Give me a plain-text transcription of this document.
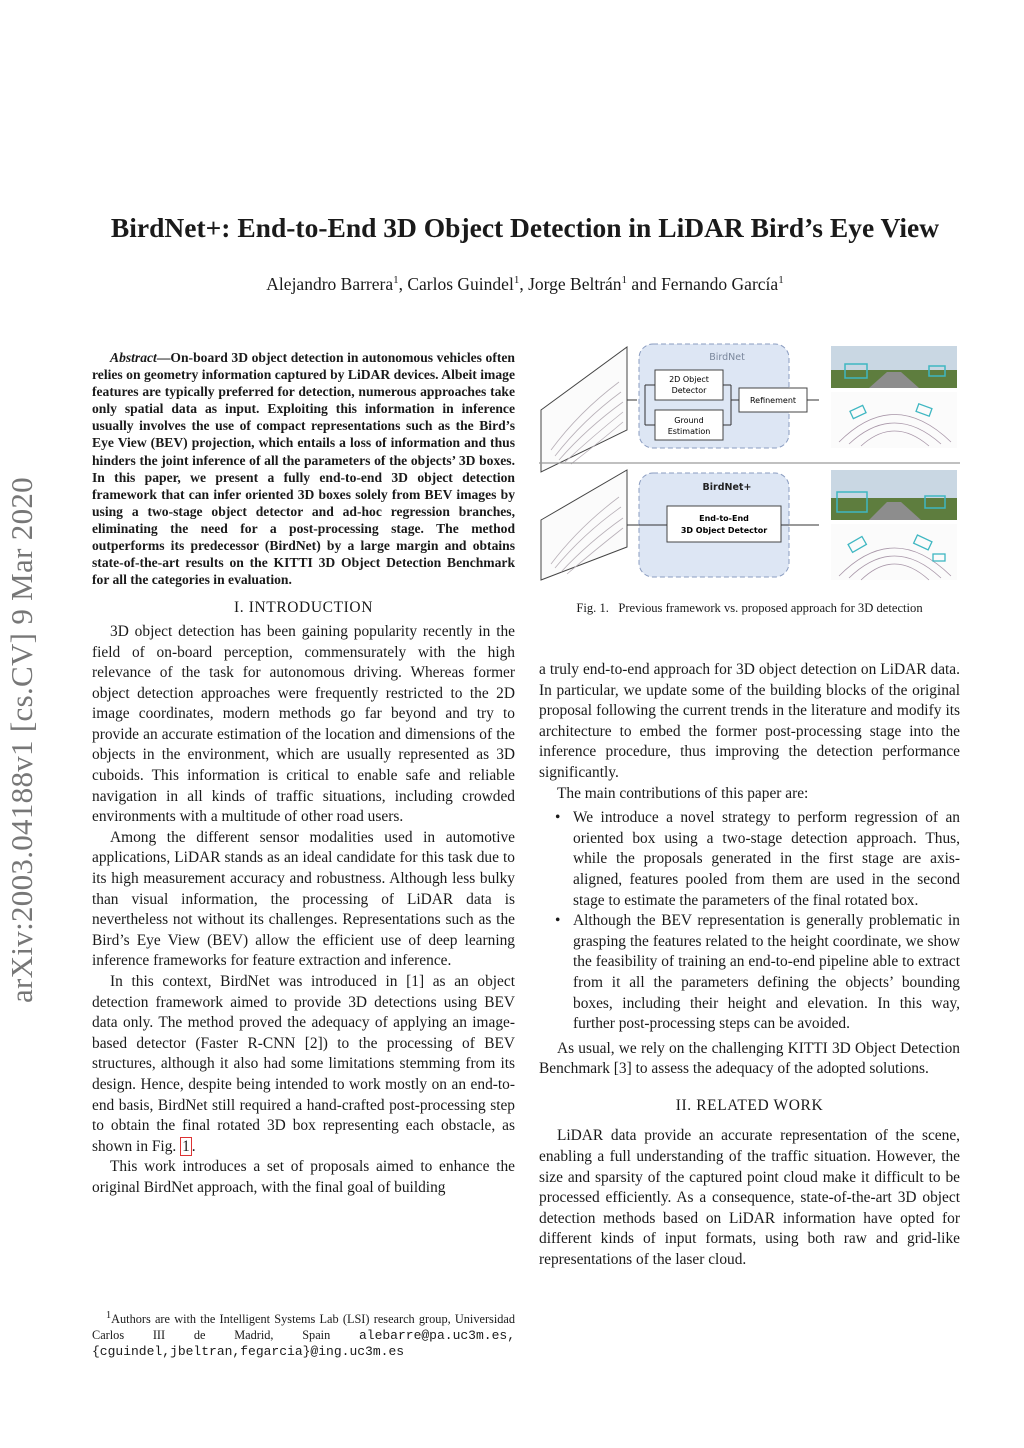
arXiv:2003.04188v1 [cs.CV] 9 Mar 2020
BirdNet+: End-to-End 3D Object Detection in LiDAR Bird’s Eye View
Alejandro Barrera$^1$, Carlos Guindel$^1$, Jorge Beltrán$^1$ and Fernando García$^1$
Abstract—On-board 3D object detection in autonomous vehicles often relies on geometry information captured by LiDAR devices. Albeit image features are typically preferred for detection, numerous approaches take only spatial data as input. Exploiting this information in inference usually involves the use of compact representations such as the Bird’s Eye View (BEV) projection, which entails a loss of information and thus hinders the joint inference of all the parameters of the objects’ 3D boxes. In this paper, we present a fully end-to-end 3D object detection framework that can infer oriented 3D boxes solely from BEV images by using a two-stage object detector and ad-hoc regression branches, eliminating the need for a post-processing stage. The method outperforms its predecessor (BirdNet) by a large margin and obtains state-of-the-art results on the KITTI 3D Object Detection Benchmark for all the categories in evaluation.
I. INTRODUCTION

3D object detection has been gaining popularity recently in the field of on-board perception, commensurately with the high relevance of the task for autonomous driving. Whereas former object detection approaches were frequently restricted to the 2D image coordinates, modern methods go far beyond and try to provide an accurate estimation of the location and dimensions of the objects in the environment, which are usually represented as 3D cuboids. This information is critical to enable safe and reliable navigation in all kinds of traffic situations, including crowded environments with a multitude of other road users.

Among the different sensor modalities used in automotive applications, LiDAR stands as an ideal candidate for this task due to its high measurement accuracy and robustness. Although less bulky than visual information, the processing of LiDAR data is nevertheless not without its challenges. Representations such as the Bird’s Eye View (BEV) allow the efficient use of deep learning inference frameworks for feature extraction and inference.

In this context, BirdNet was introduced in [1] as an object detection framework aimed to provide 3D detections using BEV data only. The method proved the adequacy of applying an image-based detector (Faster R-CNN [2]) to the processing of BEV structures, although it also had some limitations stemming from its design. Hence, despite being intended to work mostly on an end-to-end basis, BirdNet still required a hand-crafted post-processing step to obtain the final rotated 3D box representing each obstacle, as shown in Fig. 1 .

This work introduces a set of proposals aimed to enhance the original BirdNet approach, with the final goal of building

$^1$Authors are with the Intelligent Systems Lab (LSI) research group, Universidad Carlos III de Madrid, Spain alebarre@pa.uc3m.es, {cguindel,jbeltran,fegarcia}@ing.uc3m.es
BirdNet
2D Object
Detector
Ground
Estimation
Refinement
BirdNet+
End-to-End
3D Object Detector
Fig. 1. Previous framework vs. proposed approach for 3D detection

a truly end-to-end approach for 3D object detection on LiDAR data. In particular, we update some of the building blocks of the original proposal following the current trends in the literature and modify its architecture to embed the former post-processing stage into the inference procedure, thus improving the detection performance significantly.

The main contributions of this paper are:

• We introduce a novel strategy to perform regression of an oriented box using a two-stage detection approach. Thus, while the proposals generated in the first stage are axis-aligned, features pooled from them are used in the second stage to estimate the parameters of the final rotated box.
• Although the BEV representation is generally problematic in grasping the features related to the height coordinate, we show the feasibility of training an end-to-end pipeline able to extract from it all the parameters defining the objects’ bounding boxes, including their height and elevation. In this way, further post-processing steps can be avoided.

As usual, we rely on the challenging KITTI 3D Object Detection Benchmark [3] to assess the adequacy of the adopted solutions.

II. RELATED WORK

LiDAR data provide an accurate representation of the scene, enabling a full understanding of the traffic situation. However, the size and sparsity of the captured point cloud make it difficult to be processed efficiently. As a consequence, state-of-the-art 3D object detection methods based on LiDAR information have opted for different kinds of input formats, using both raw and grid-like representations of the laser cloud.
